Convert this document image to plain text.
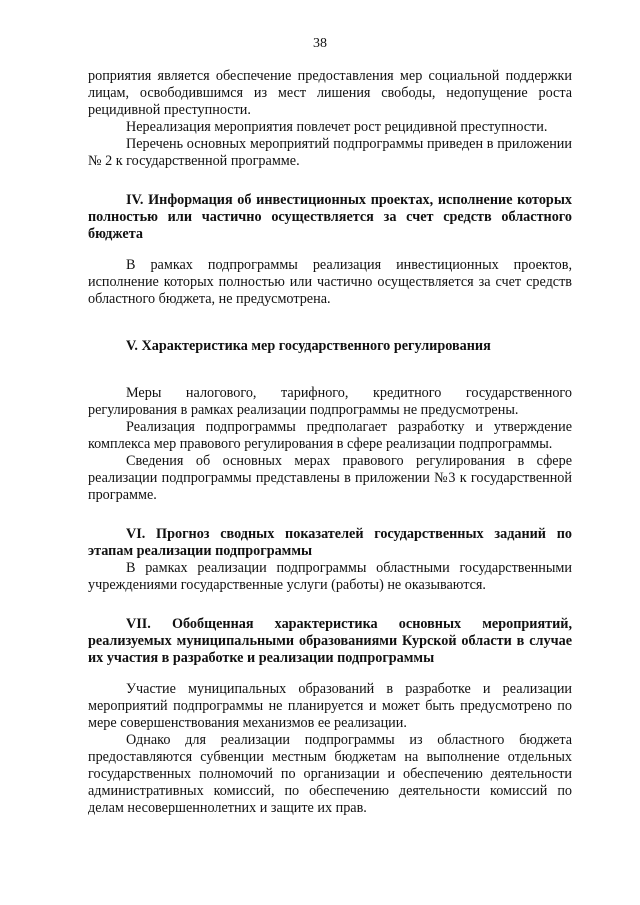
38

роприятия является обеспечение предоставления мер социальной поддержки лицам, освободившимся из мест лишения свободы, недопущение роста рецидивной преступности.

Нереализация мероприятия повлечет рост рецидивной преступности.

Перечень основных мероприятий подпрограммы приведен в приложении № 2 к государственной программе.

IV. Информация об инвестиционных проектах, исполнение которых полностью или частично осуществляется за счет средств областного бюджета

В рамках подпрограммы реализация инвестиционных проектов, исполнение которых полностью или частично осуществляется за счет средств областного бюджета, не предусмотрена.

V. Характеристика мер государственного регулирования

Меры налогового, тарифного, кредитного государственного регулирования в рамках реализации подпрограммы не предусмотрены.

Реализация подпрограммы предполагает разработку и утверждение комплекса мер правового регулирования в сфере реализации подпрограммы.

Сведения об основных мерах правового регулирования в сфере реализации подпрограммы представлены в приложении №3 к государственной программе.

VI. Прогноз сводных показателей государственных заданий по этапам реализации подпрограммы

В рамках реализации подпрограммы областными государственными учреждениями государственные услуги (работы) не оказываются.

VII. Обобщенная характеристика основных мероприятий, реализуемых муниципальными образованиями Курской области в случае их участия в разработке и реализации подпрограммы

Участие муниципальных образований в разработке и реализации мероприятий подпрограммы не планируется и может быть предусмотрено по мере совершенствования механизмов ее реализации.

Однако для реализации подпрограммы из областного бюджета предоставляются субвенции местным бюджетам на выполнение отдельных государственных полномочий по организации и обеспечению деятельности административных комиссий, по обеспечению деятельности комиссий по делам несовершеннолетних и защите их прав.
